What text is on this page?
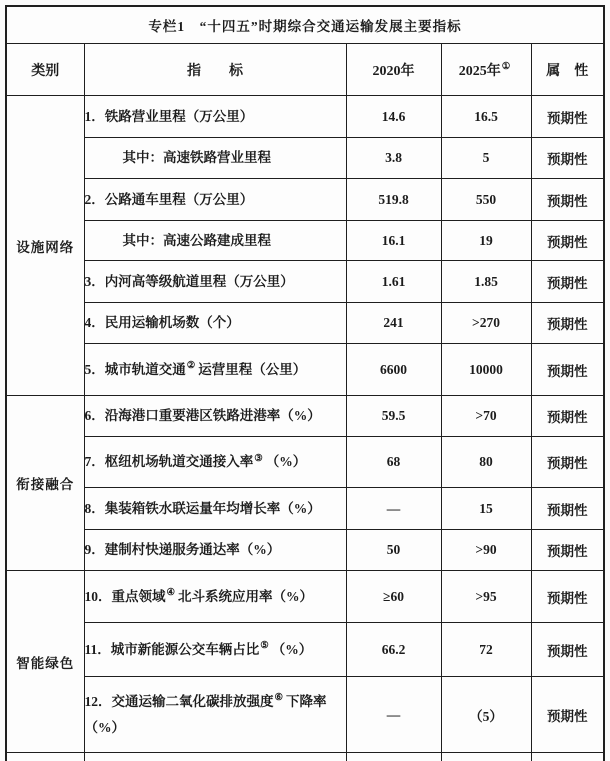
专栏1　“十四五”时期综合交通运输发展主要指标				
类别	指　　标	2020年	2025年①	属　性
设施网络	1．铁路营业里程（万公里）	14.6	16.5	预期性
	其中：高速铁路营业里程	3.8	5	预期性
	2．公路通车里程（万公里）	519.8	550	预期性
	其中：高速公路建成里程	16.1	19	预期性
	3．内河高等级航道里程（万公里）	1.61	1.85	预期性
	4．民用运输机场数（个）	241	>270	预期性
	5．城市轨道交通② 运营里程（公里）	6600	10000	预期性
衔接融合	6．沿海港口重要港区铁路进港率（%）	59.5	>70	预期性
	7．枢纽机场轨道交通接入率③ （%）	68	80	预期性
	8．集装箱铁水联运量年均增长率（%）	—	15	预期性
	9．建制村快递服务通达率（%）	50	>90	预期性
智能绿色	10．重点领域④ 北斗系统应用率（%）	≥60	>95	预期性
	11．城市新能源公交车辆占比⑤ （%）	66.2	72	预期性
	12．交通运输二氧化碳排放强度⑥ 下降率（%）	—	（5）	预期性
